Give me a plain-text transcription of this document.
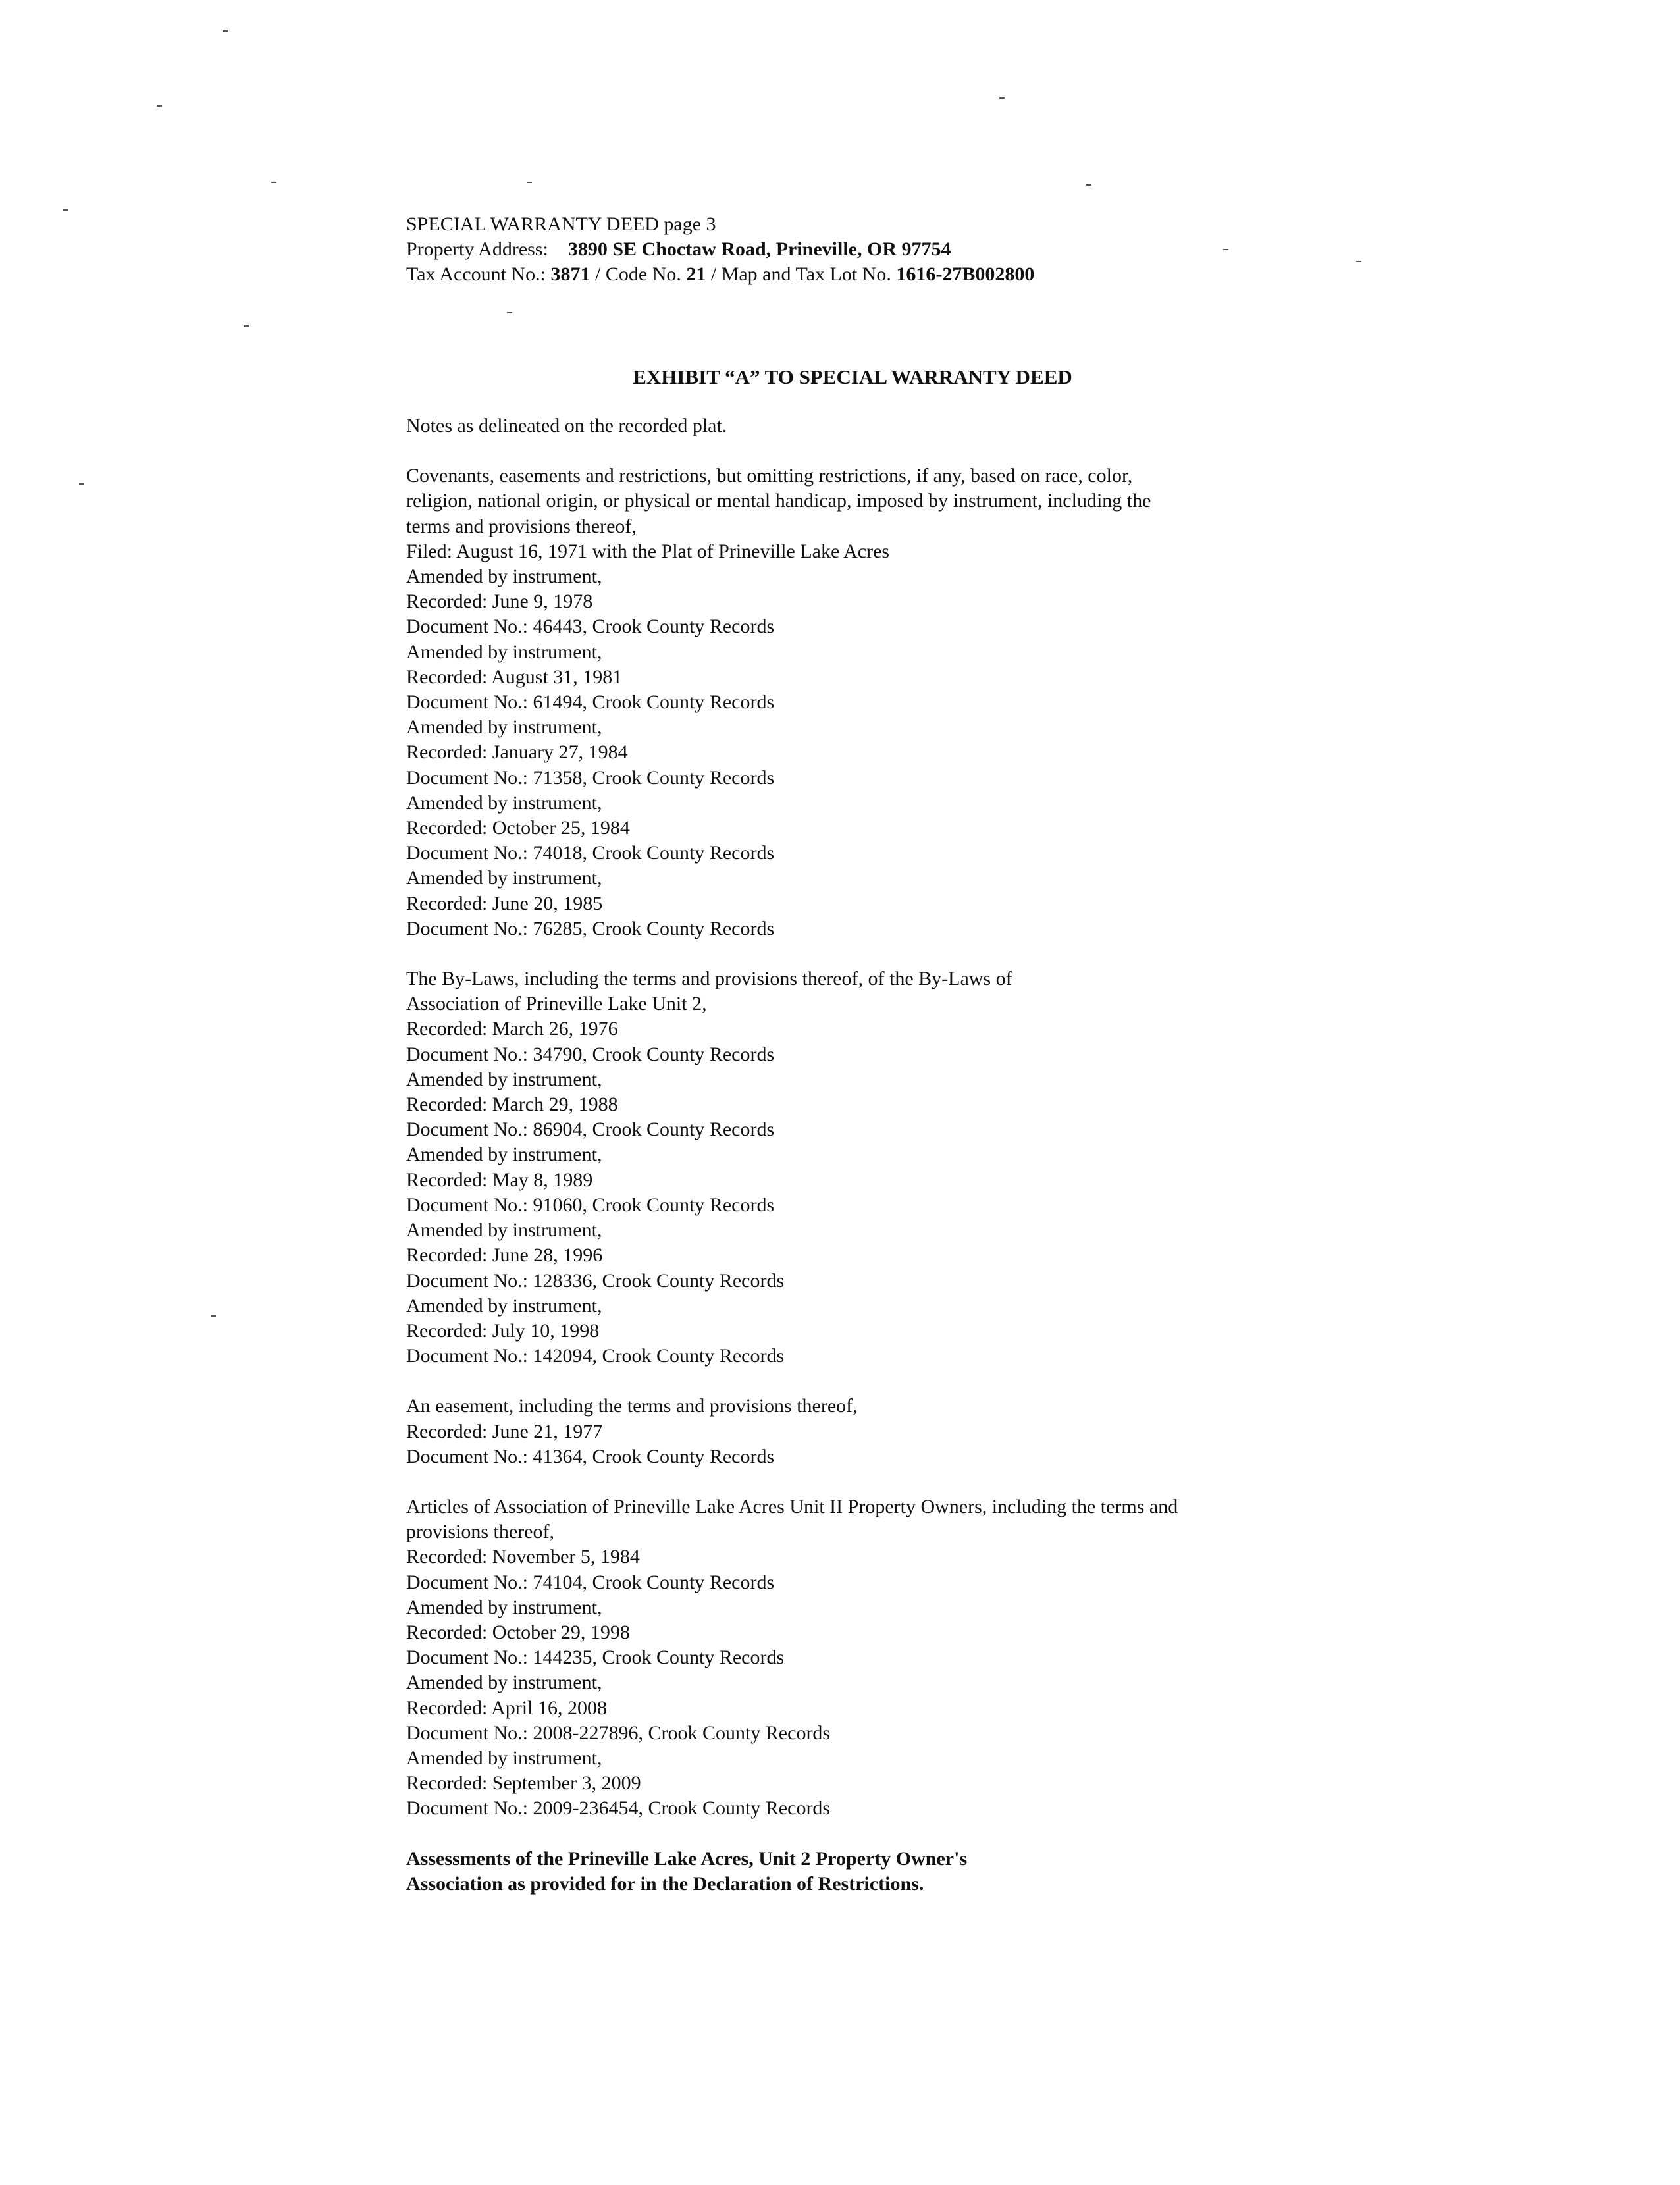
SPECIAL WARRANTY DEED page 3
Property Address: 3890 SE Choctaw Road, Prineville, OR 97754
Tax Account No.: 3871 / Code No. 21 / Map and Tax Lot No. 1616-27B002800
EXHIBIT “A” TO SPECIAL WARRANTY DEED

Notes as delineated on the recorded plat.

Covenants, easements and restrictions, but omitting restrictions, if any, based on race, color,
religion, national origin, or physical or mental handicap, imposed by instrument, including the
terms and provisions thereof,
Filed: August 16, 1971 with the Plat of Prineville Lake Acres
Amended by instrument,
Recorded: June 9, 1978
Document No.: 46443, Crook County Records
Amended by instrument,
Recorded: August 31, 1981
Document No.: 61494, Crook County Records
Amended by instrument,
Recorded: January 27, 1984
Document No.: 71358, Crook County Records
Amended by instrument,
Recorded: October 25, 1984
Document No.: 74018, Crook County Records
Amended by instrument,
Recorded: June 20, 1985
Document No.: 76285, Crook County Records

The By-Laws, including the terms and provisions thereof, of the By-Laws of
Association of Prineville Lake Unit 2,
Recorded: March 26, 1976
Document No.: 34790, Crook County Records
Amended by instrument,
Recorded: March 29, 1988
Document No.: 86904, Crook County Records
Amended by instrument,
Recorded: May 8, 1989
Document No.: 91060, Crook County Records
Amended by instrument,
Recorded: June 28, 1996
Document No.: 128336, Crook County Records
Amended by instrument,
Recorded: July 10, 1998
Document No.: 142094, Crook County Records

An easement, including the terms and provisions thereof,
Recorded: June 21, 1977
Document No.: 41364, Crook County Records

Articles of Association of Prineville Lake Acres Unit II Property Owners, including the terms and
provisions thereof,
Recorded: November 5, 1984
Document No.: 74104, Crook County Records
Amended by instrument,
Recorded: October 29, 1998
Document No.: 144235, Crook County Records
Amended by instrument,
Recorded: April 16, 2008
Document No.: 2008-227896, Crook County Records
Amended by instrument,
Recorded: September 3, 2009
Document No.: 2009-236454, Crook County Records

Assessments of the Prineville Lake Acres, Unit 2 Property Owner's
Association as provided for in the Declaration of Restrictions.
